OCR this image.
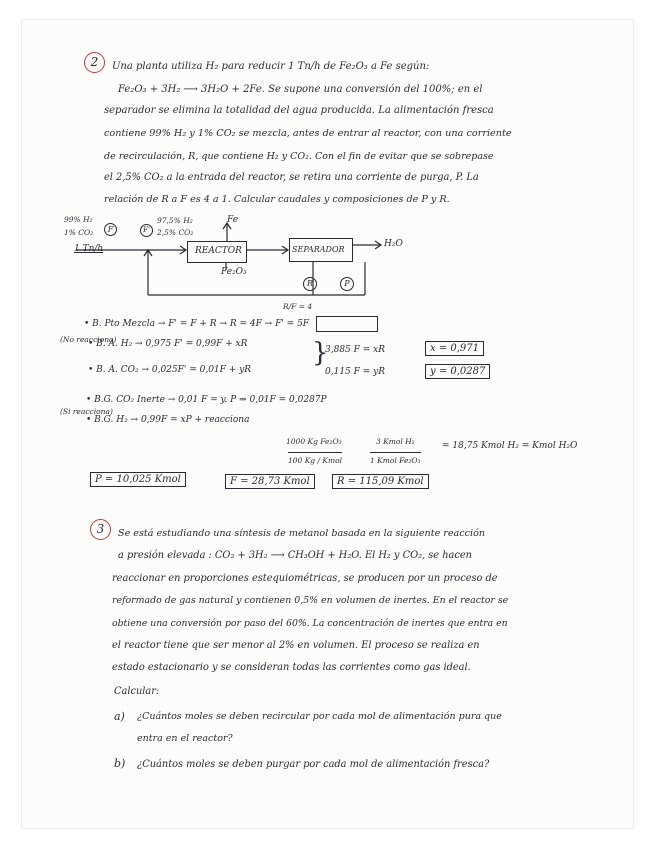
2	Una planta utiliza H₂ para reducir 1 Tn/h de Fe₂O₃ a Fe según:
Fe₂O₃ + 3H₂ ⟶ 3H₂O + 2Fe. Se supone una conversión del 100%; en el
separador se elimina la totalidad del agua producida. La alimentación fresca
contiene 99% H₂ y 1% CO₂ se mezcla, antes de entrar al reactor, con una corriente
de recirculación, R, que contiene H₂ y CO₂. Con el fin de evitar que se sobrepase
el 2,5% CO₂ a la entrada del reactor, se retira una corriente de purga, P. La
relación de R a F es 4 a 1. Calcular caudales y composiciones de P y R.
REACTOR	SEPARADOR
99% H₂
1% CO₂	F
1 Tn/h
97,5% H₂
2,5% CO₂
F'
Fe
Fe₂O₃
H₂O
R	P
R/F = 4
• B. Pto Mezcla → F' = F + R → R = 4F → F' = 5F
(No reacciona)
• B. A. H₂ → 0,975 F' = 0,99F + xR
• B. A. CO₂ → 0,025F' = 0,01F + yR
}
3,885 F = xR
0,115 F = yR
x = 0,971
y = 0,0287
• B.G. CO₂ Inerte → 0,01 F = y. P ⇒ 0,01F = 0,0287P
(Si reacciona)
• B.G. H₂ → 0,99F = xP + reacciona
1000 Kg Fe₂O₃
100 Kg / Kmol
3 Kmol H₂
1 Kmol Fe₂O₃
= 18,75 Kmol H₂ = Kmol H₂O
P = 10,025 Kmol	F = 28,73 Kmol	R = 115,09 Kmol
3	Se está estudiando una síntesis de metanol basada en la siguiente reacción
a presión elevada : CO₂ + 3H₂ ⟶ CH₃OH + H₂O. El H₂ y CO₂, se hacen
reaccionar en proporciones estequiométricas, se producen por un proceso de
reformado de gas natural y contienen 0,5% en volumen de inertes. En el reactor se
obtiene una conversión por paso del 60%. La concentración de inertes que entra en
el reactor tiene que ser menor al 2% en volumen. El proceso se realiza en
estado estacionario y se consideran todas las corrientes como gas ideal.
Calcular:
a) ¿Cuántos moles se deben recircular por cada mol de alimentación pura que
entra en el reactor?
b) ¿Cuántos moles se deben purgar por cada mol de alimentación fresca?
